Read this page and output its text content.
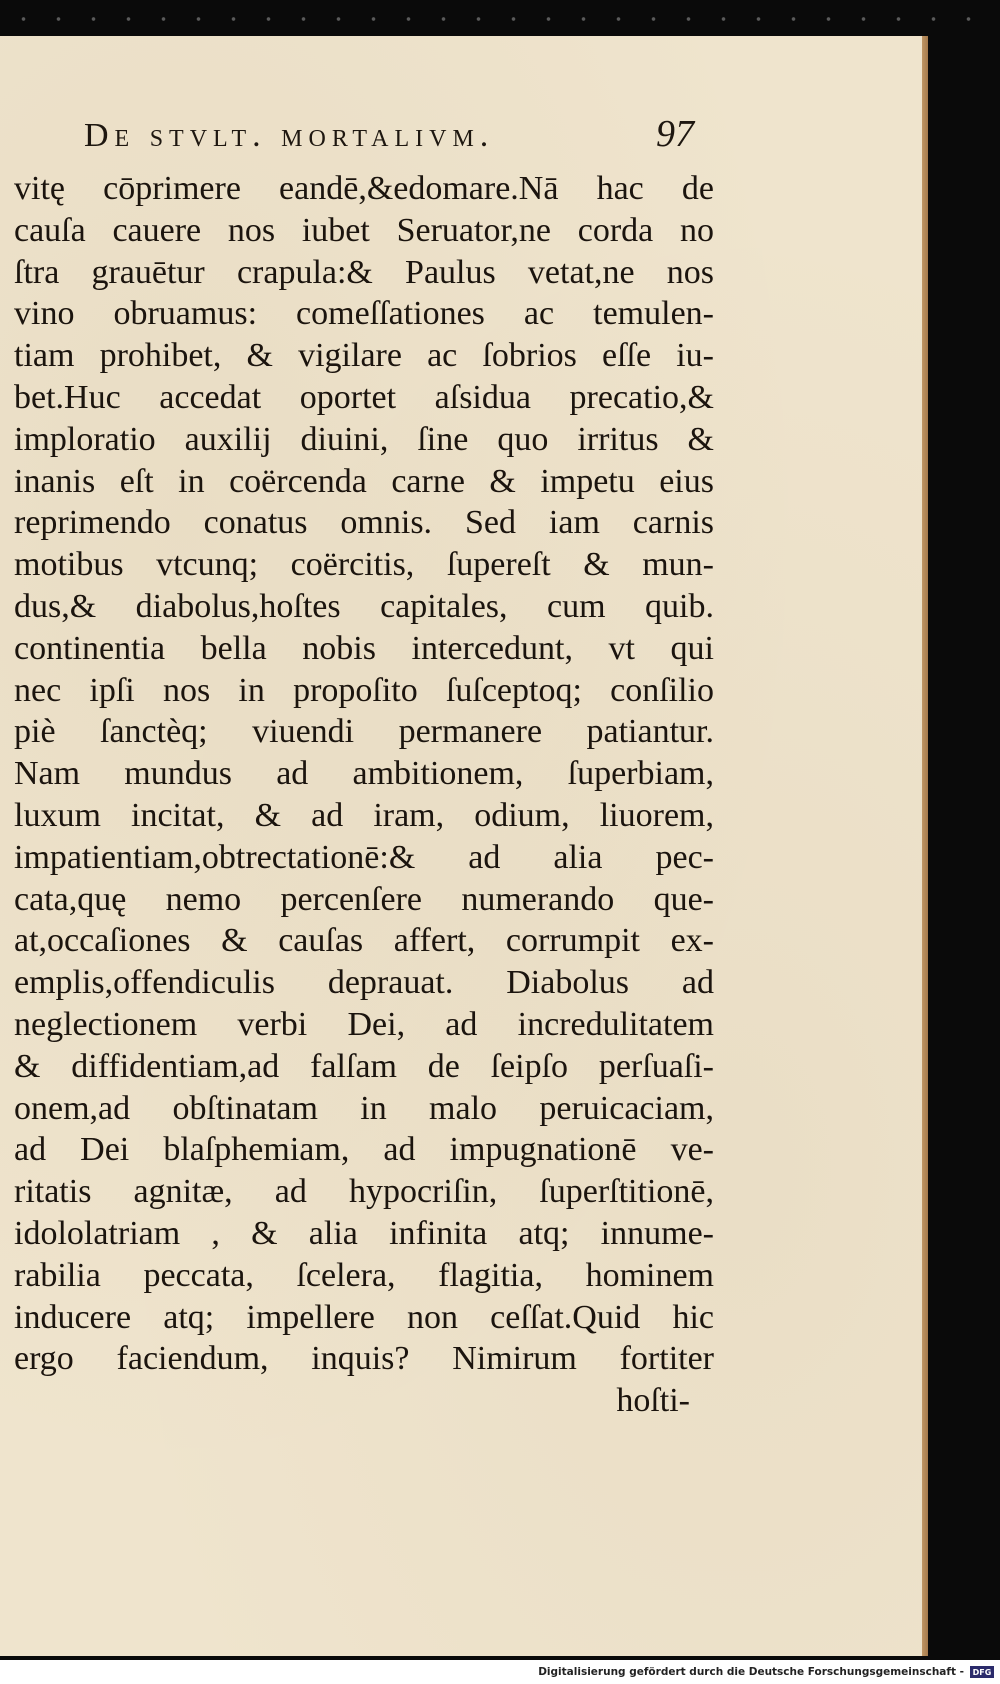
De stvlt. mortalivm.	97
vitę cōprimere eandē,&edomare.Nā hac de
cauſa cauere nos iubet Seruator,ne corda no
ſtra grauētur crapula:& Paulus vetat,ne nos
vino obruamus: comeſſationes ac temulen-
tiam prohibet, & vigilare ac ſobrios eſſe iu-
bet.Huc accedat oportet aſsidua precatio,&
imploratio auxilij diuini, ſine quo irritus &
inanis eſt in coërcenda carne & impetu eius
reprimendo conatus omnis. Sed iam carnis
motibus vtcunq; coërcitis, ſupereſt & mun-
dus,& diabolus,hoſtes capitales, cum quib.
continentia bella nobis intercedunt, vt qui
nec ipſi nos in propoſito ſuſceptoq; conſilio
piè ſanctèq; viuendi permanere patiantur.
Nam mundus ad ambitionem, ſuperbiam,
luxum incitat, & ad iram, odium, liuorem,
impatientiam,obtrectationē:& ad alia pec-
cata,quę nemo percenſere numerando que-
at,occaſiones & cauſas affert, corrumpit ex-
emplis,offendiculis deprauat. Diabolus ad
neglectionem verbi Dei, ad incredulitatem
& diffidentiam,ad falſam de ſeipſo perſuaſi-
onem,ad obſtinatam in malo peruicaciam,
ad Dei blaſphemiam, ad impugnationē ve-
ritatis agnitæ, ad hypocriſin, ſuperſtitionē,
idololatriam , & alia infinita atq; innume-
rabilia peccata, ſcelera, flagitia, hominem
inducere atq; impellere non ceſſat.Quid hic
ergo faciendum, inquis? Nimirum fortiter
hoſti-
Digitalisierung gefördert durch die Deutsche Forschungsgemeinschaft -	DFG
